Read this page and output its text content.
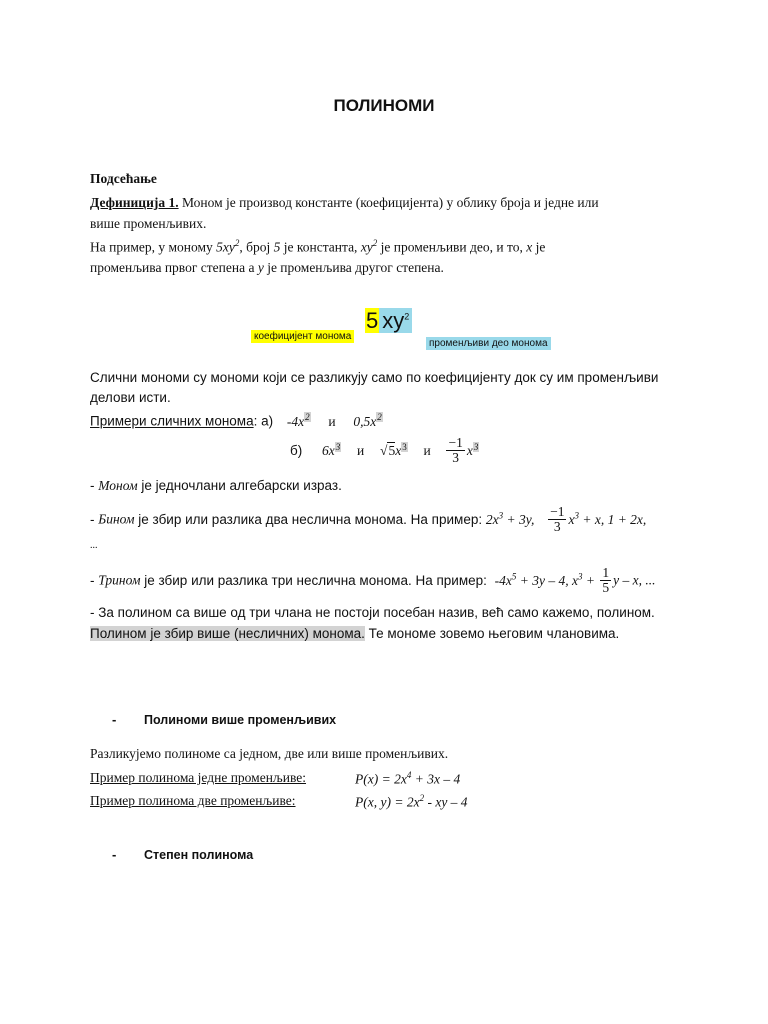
ПОЛИНОМИ
Подсећање
Дефиниција 1. Моном је производ константе (коефицијента) у облику броја и једне или
више променљивих.
На пример, у моному $5xy^2$, број 5 је константа, $xy^2$ је променљиви део, и то, x је
променљива првог степена а y је променљива другог степена.
коефицијент монома
5 $xy^2$
променљиви део монома
Слични мономи су мономи који се разликују само по коефицијенту док су им променљиви
делови исти.
Примери сличних монома: а) $-4x^2$ и $0,5x^2$
б) $6x^3$ и $√5x^3$ и $\frac{-1}{3} x^3$
- Моном је једночлани алгебарски израз.
- Бином је збир или разлика два неслична монома. На пример: $2x^3 + 3y$, $\frac{-1}{3} x^3 + x$, 1 + 2x,
...
- Трином је збир или разлика три неслична монома. На пример: $-4x^5 + 3y - 4$, $x^3 + \frac{1}{5}$ y – x, ...
- За полином са више од три члана не постоји посебан назив, већ само кажемо, полином.
Полином је збир више (несличних) монома. Те мономе зовемо његовим члановима.
- Полиноми више променљивих
Разликујемо полиноме са једном, две или више променљивих.
Пример полинома једне променљиве:	$P(x) = 2x^4 + 3x - 4$
Пример полинома две променљиве:	P(x, $y) = 2x^2$ - xy – 4
- Степен полинома
